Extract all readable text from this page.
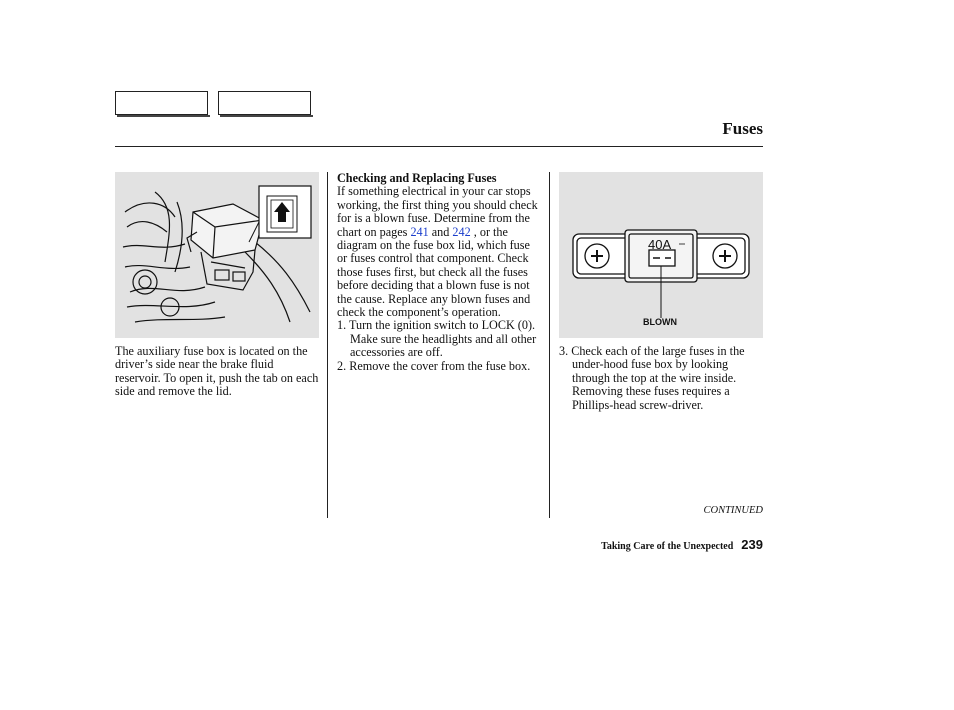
Fuses
The auxiliary fuse box is located on the driver’s side near the brake fluid reservoir. To open it, push the tab on each side and remove the lid.
Checking and Replacing Fuses

If something electrical in your car stops working, the first thing you should check for is a blown fuse. Determine from the chart on pages 241 and 242 , or the diagram on the fuse box lid, which fuse or fuses control that component. Check those fuses first, but check all the fuses before deciding that a blown fuse is not the cause. Replace any blown fuses and check the component’s operation.

1. Turn the ignition switch to LOCK (0). Make sure the headlights and all other accessories are off.

2. Remove the cover from the fuse box.

40A
BLOWN

3. Check each of the large fuses in the under-hood fuse box by looking through the top at the wire inside. Removing these fuses requires a Phillips-head screw-driver.

CONTINUED
Taking Care of the Unexpected 239
